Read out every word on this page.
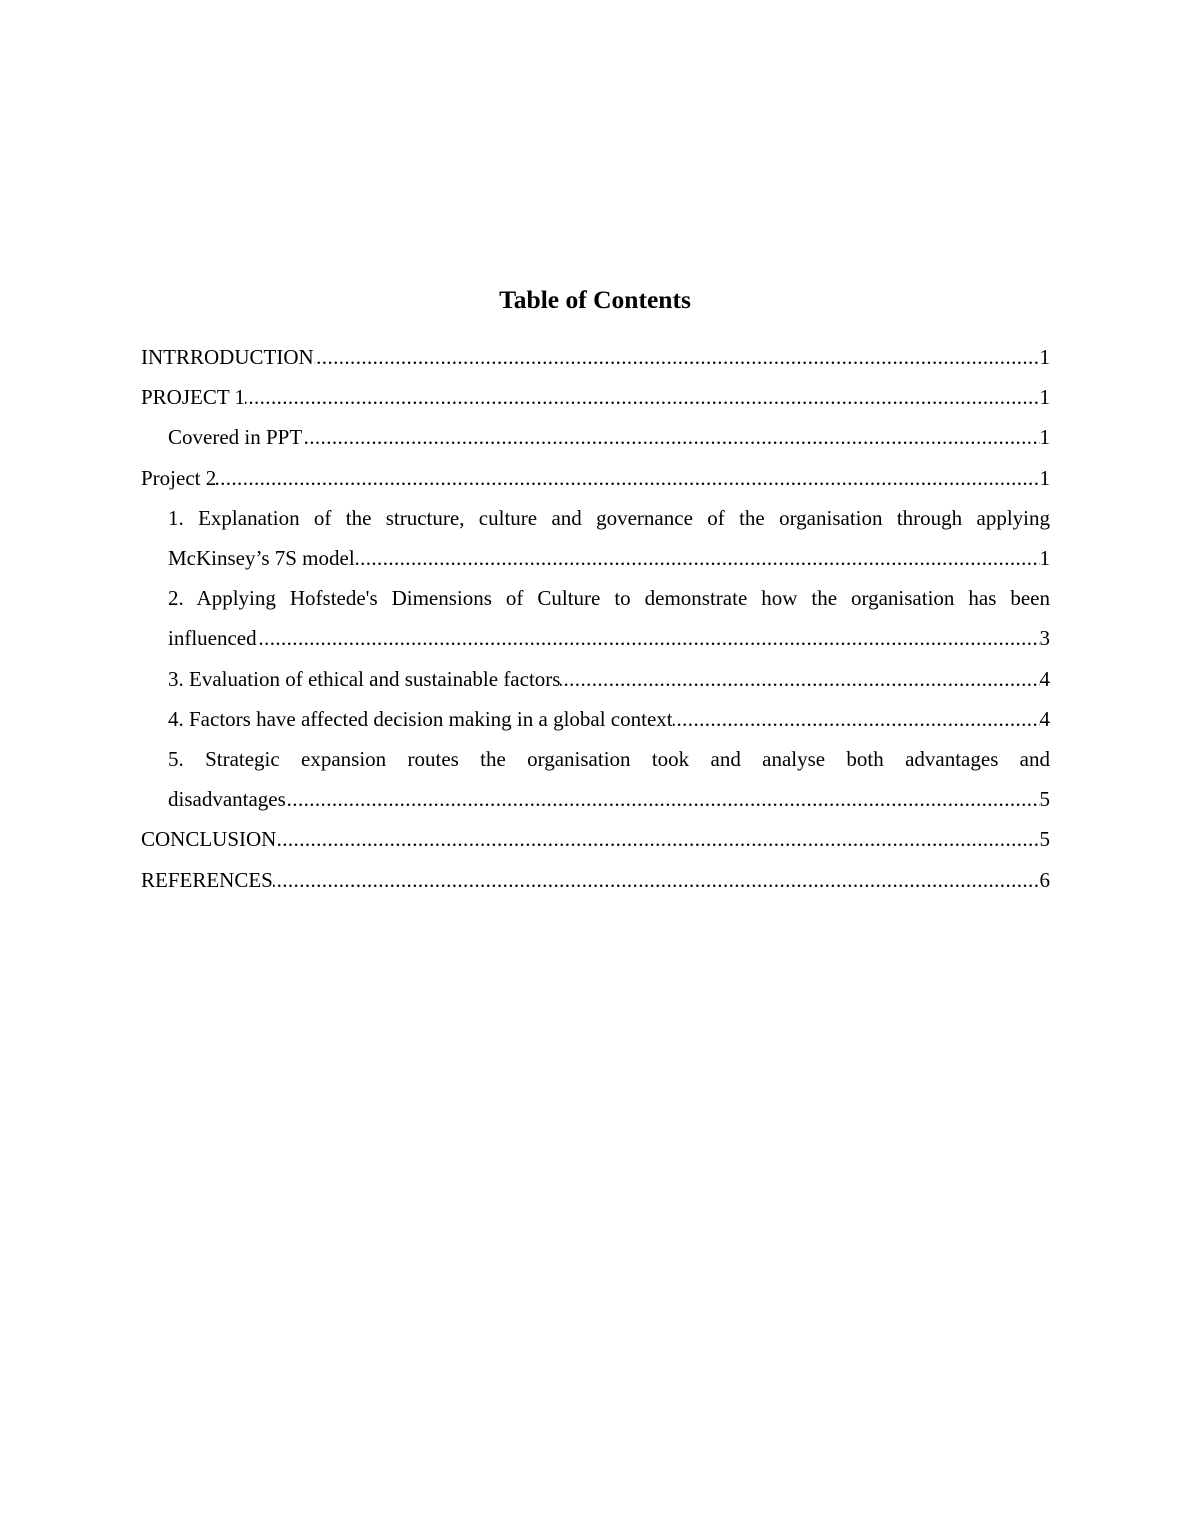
Table of Contents
INTRRODUCTION	1
PROJECT 1	1
Covered in PPT	1
Project 2	1
1. Explanation of the structure, culture and governance of the organisation through applying
McKinsey’s 7S model	1
2. Applying Hofstede's Dimensions of Culture to demonstrate how the organisation has been
influenced	3
3. Evaluation of ethical and sustainable factors	4
4. Factors have affected decision making in a global context	4
5. Strategic expansion routes the organisation took and analyse both advantages and
disadvantages	5
CONCLUSION	5
REFERENCES	6
